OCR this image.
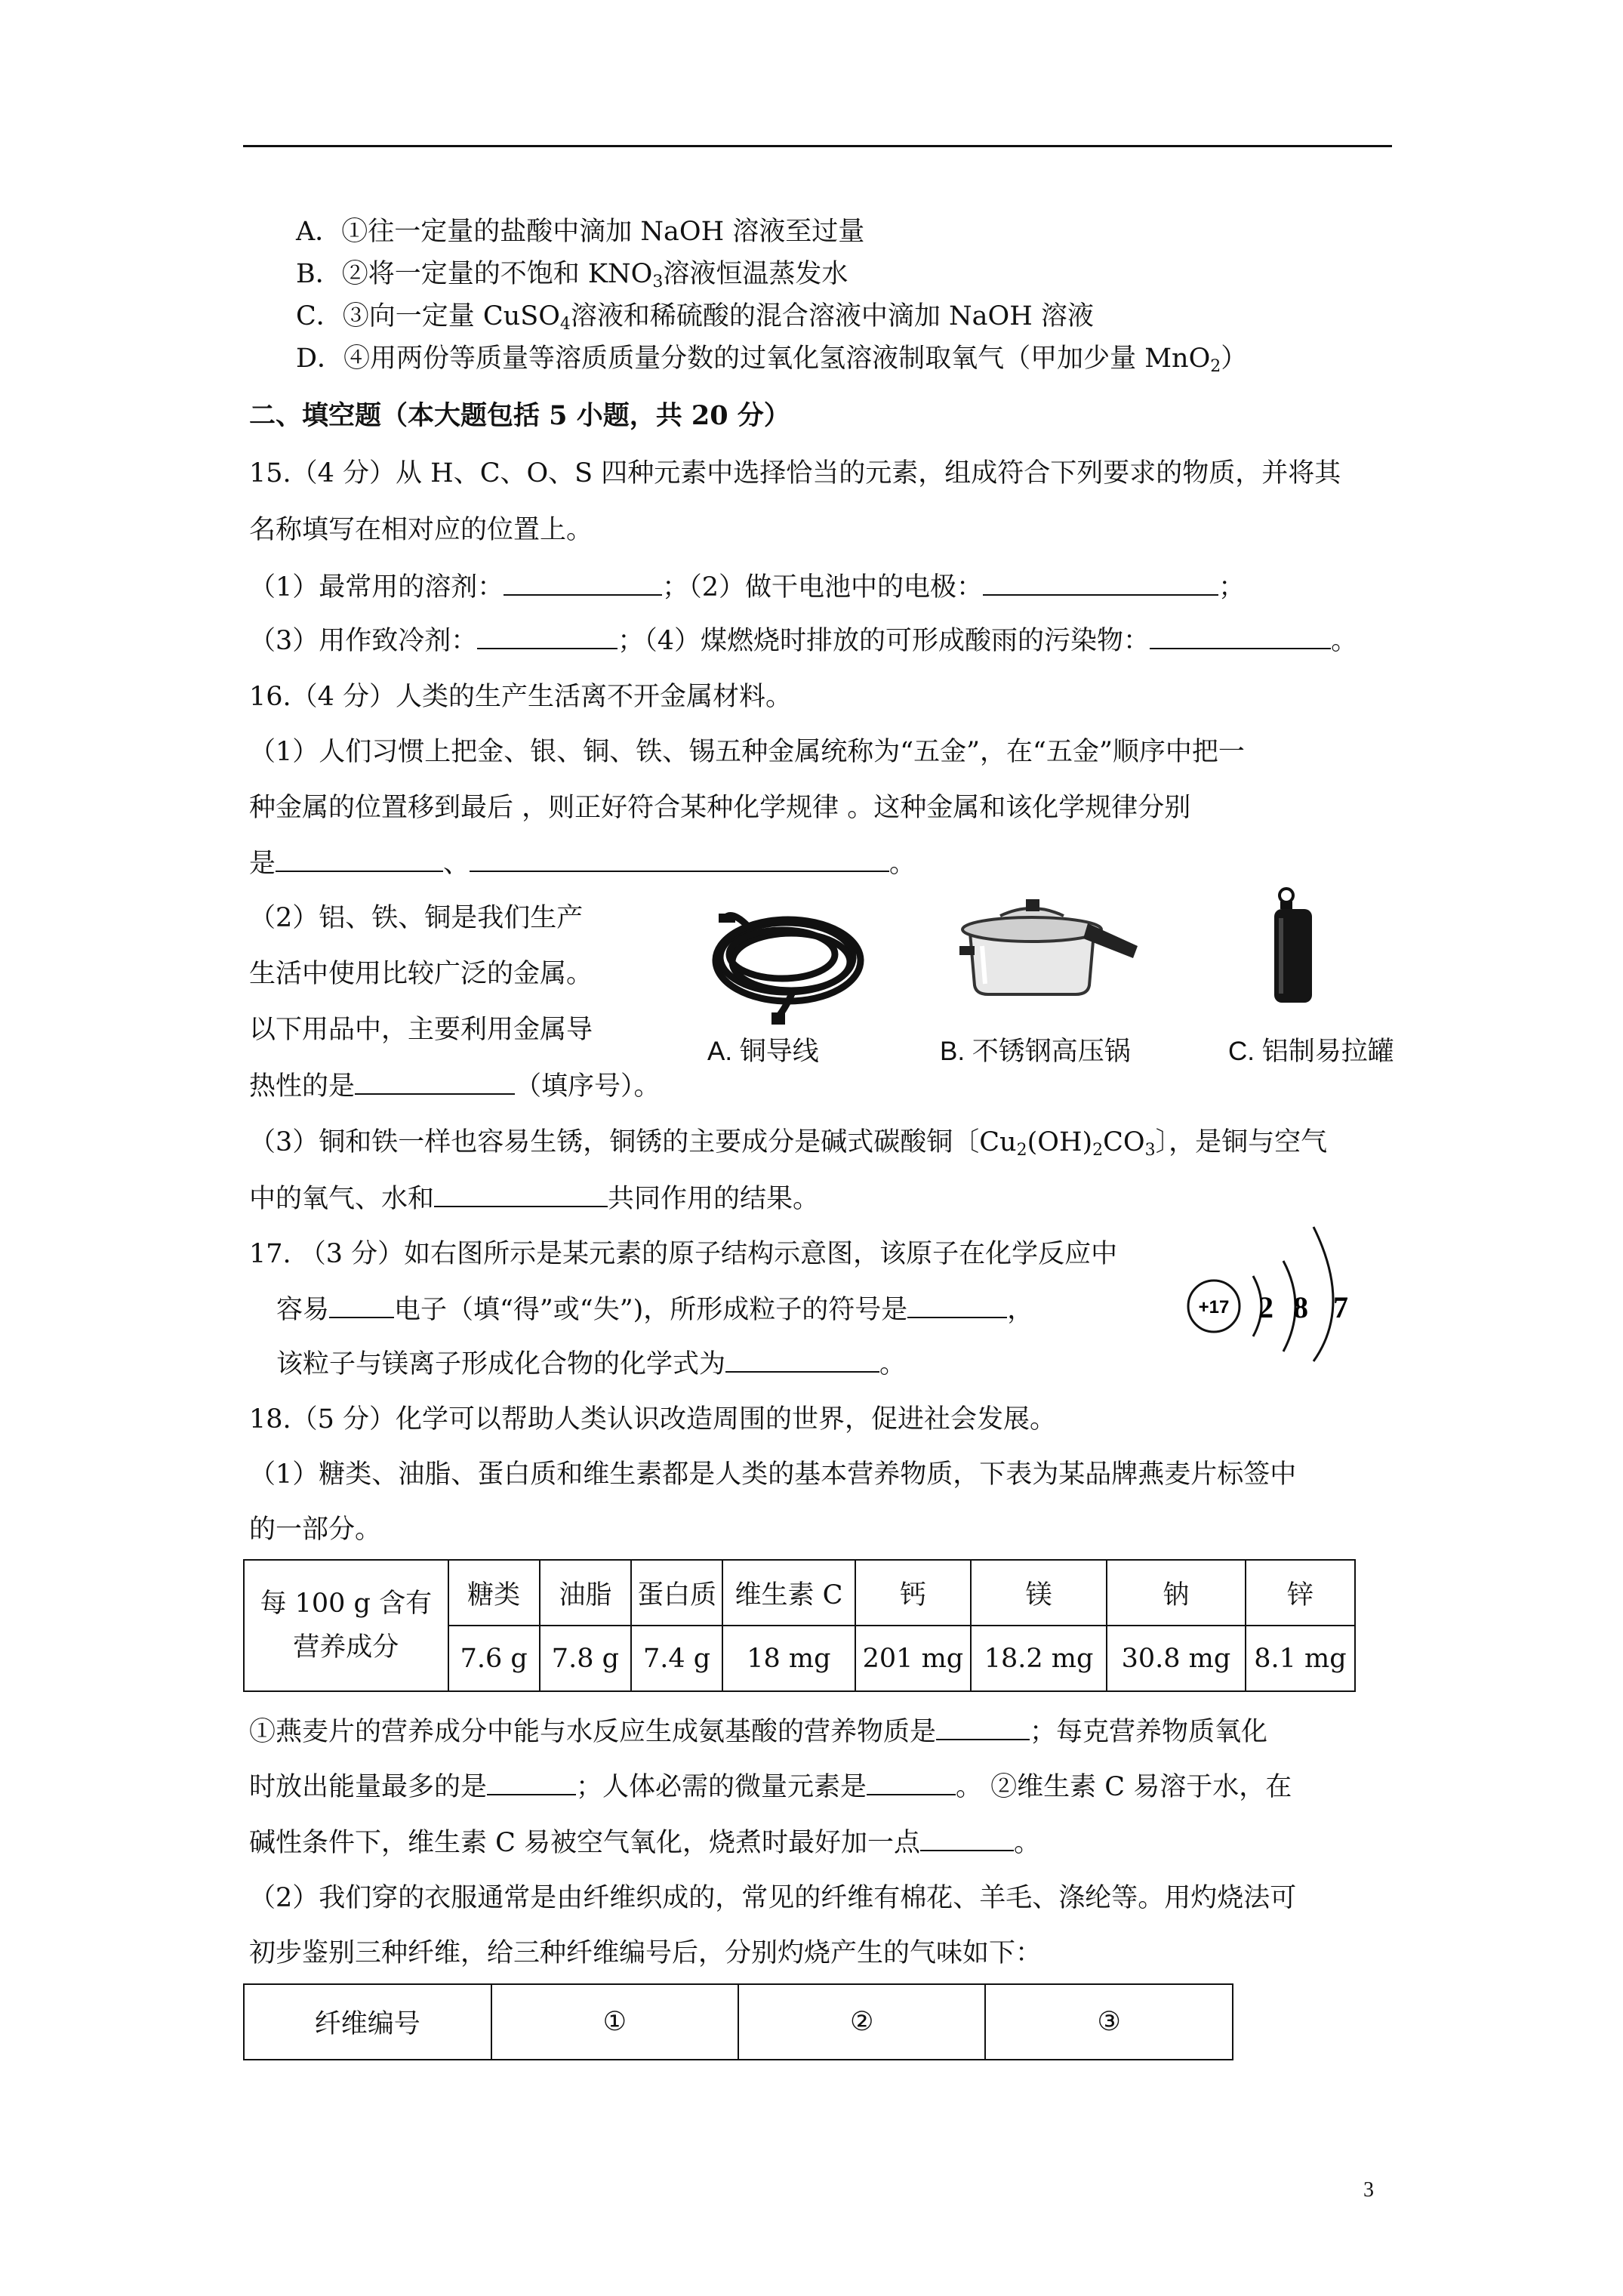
A．①往一定量的盐酸中滴加 NaOH 溶液至过量
B．②将一定量的不饱和 $KNO_3$溶液恒温蒸发水
C．③向一定量 CuSO$_4$溶液和稀硫酸的混合溶液中滴加 NaOH 溶液
D．④用两份等质量等溶质质量分数的过氧化氢溶液制取氧气（甲加少量 MnO$_2$）
二、填空题（本大题包括 5 小题，共 20 分）
15.（4 分）从 H、C、O、S 四种元素中选择恰当的元素，组成符合下列要求的物质，并将其
名称填写在相对应的位置上。
（1）最常用的溶剂：	；（2）做干电池中的电极：	；
（3）用作致冷剂：	；（4）煤燃烧时排放的可形成酸雨的污染物：	。
16.（4 分）人类的生产生活离不开金属材料。
（1）人们习惯上把金、银、铜、铁、锡五种金属统称为“五金”，在“五金”顺序中把一
种金属的位置移到最后 ，则正好符合某种化学规律 。这种金属和该化学规律分别
是	、	。
（2）铝、铁、铜是我们生产
生活中使用比较广泛的金属。
以下用品中，主要利用金属导
热性的是	（填序号）。
A. 铜导线	B. 不锈钢高压锅	C. 铝制易拉罐
（3）铜和铁一样也容易生锈，铜锈的主要成分是碱式碳酸铜〔$Cu_2(OH)_2CO_3$〕，是铜与空气
中的氧气、水和	共同作用的结果。
17. （3 分）如右图所示是某元素的原子结构示意图，该原子在化学反应中
容易 电子（填“得”或“失”)，所形成粒子的符号是	，
该粒子与镁离子形成化合物的化学式为	。
+17 2 8 7
18.（5 分）化学可以帮助人类认识改造周围的世界，促进社会发展。
（1）糖类、油脂、蛋白质和维生素都是人类的基本营养物质，下表为某品牌燕麦片标签中
的一部分。
每 100 g 含有
营养成分	糖类	油脂	蛋白质	维生素 C	钙	镁	钠	锌
	7.6 g	7.8 g	7.4 g	18 mg	201 mg	18.2 mg	30.8 mg	8.1 mg
①燕麦片的营养成分中能与水反应生成氨基酸的营养物质是	；每克营养物质氧化
时放出能量最多的是	；人体必需的微量元素是	。 ②维生素 C 易溶于水，在
碱性条件下，维生素 C 易被空气氧化，烧煮时最好加一点	。
（2）我们穿的衣服通常是由纤维织成的，常见的纤维有棉花、羊毛、涤纶等。用灼烧法可
初步鉴别三种纤维，给三种纤维编号后，分别灼烧产生的气味如下：
纤维编号	①	②	③
3
